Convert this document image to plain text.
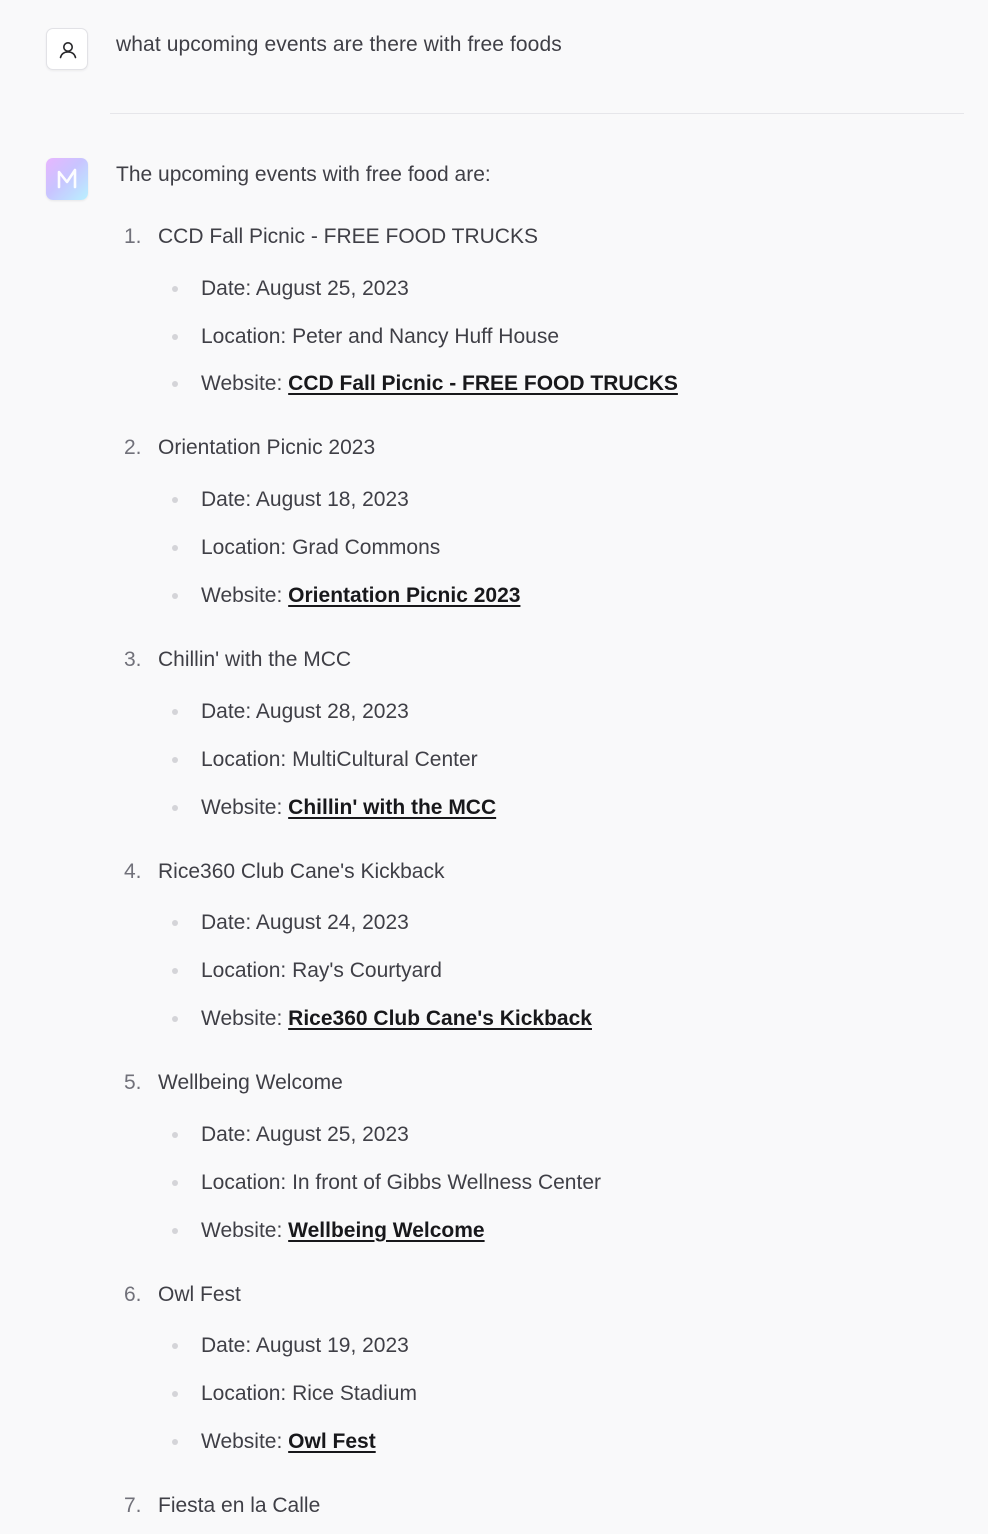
what upcoming events are there with free foods
The upcoming events with free food are:
1. CCD Fall Picnic - FREE FOOD TRUCKS
Date: August 25, 2023
Location: Peter and Nancy Huff House
Website: CCD Fall Picnic - FREE FOOD TRUCKS
2. Orientation Picnic 2023
Date: August 18, 2023
Location: Grad Commons
Website: Orientation Picnic 2023
3. Chillin' with the MCC
Date: August 28, 2023
Location: MultiCultural Center
Website: Chillin' with the MCC
4. Rice360 Club Cane's Kickback
Date: August 24, 2023
Location: Ray's Courtyard
Website: Rice360 Club Cane's Kickback
5. Wellbeing Welcome
Date: August 25, 2023
Location: In front of Gibbs Wellness Center
Website: Wellbeing Welcome
6. Owl Fest
Date: August 19, 2023
Location: Rice Stadium
Website: Owl Fest
7. Fiesta en la Calle
